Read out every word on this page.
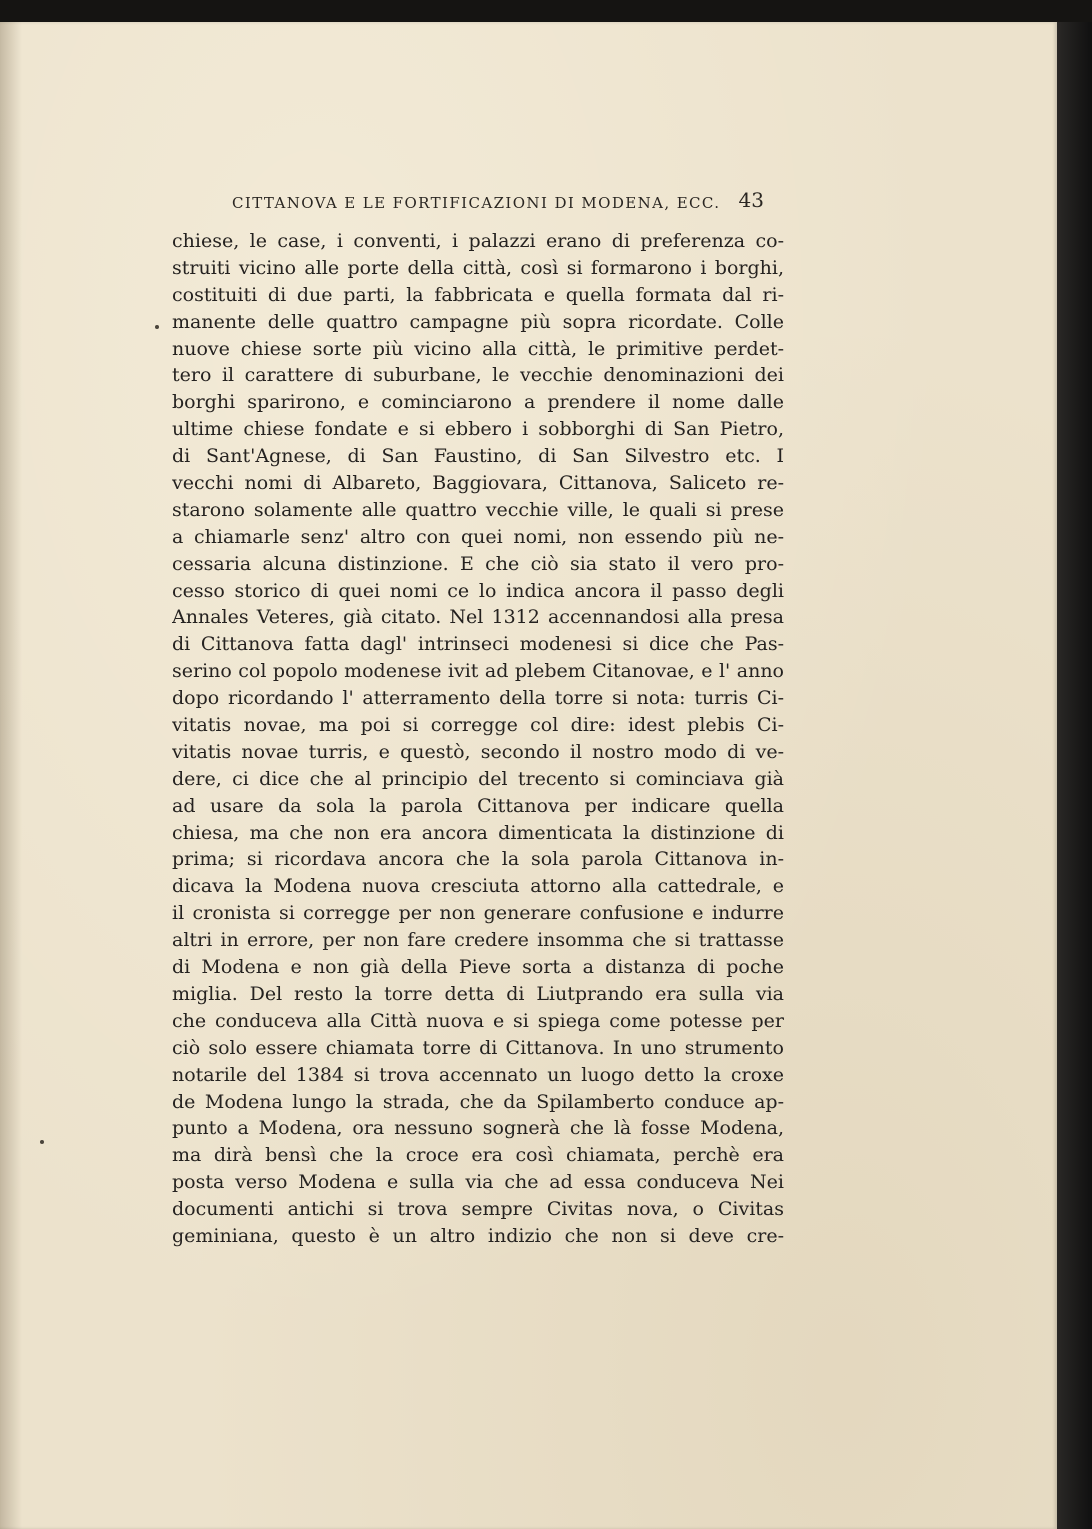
CITTANOVA E LE FORTIFICAZIONI DI MODENA, ECC. 43
chiese, le case, i conventi, i palazzi erano di preferenza co-
struiti vicino alle porte della città, così si formarono i borghi,
costituiti di due parti, la fabbricata e quella formata dal ri-
manente delle quattro campagne più sopra ricordate. Colle
nuove chiese sorte più vicino alla città, le primitive perdet-
tero il carattere di suburbane, le vecchie denominazioni dei
borghi sparirono, e cominciarono a prendere il nome dalle
ultime chiese fondate e si ebbero i sobborghi di San Pietro,
di Sant'Agnese, di San Faustino, di San Silvestro etc. I
vecchi nomi di Albareto, Baggiovara, Cittanova, Saliceto re-
starono solamente alle quattro vecchie ville, le quali si prese
a chiamarle senz' altro con quei nomi, non essendo più ne-
cessaria alcuna distinzione. E che ciò sia stato il vero pro-
cesso storico di quei nomi ce lo indica ancora il passo degli
Annales Veteres, già citato. Nel 1312 accennandosi alla presa
di Cittanova fatta dagl' intrinseci modenesi si dice che Pas-
serino col popolo modenese ivit ad plebem Citanovae, e l' anno
dopo ricordando l' atterramento della torre si nota: turris Ci-
vitatis novae, ma poi si corregge col dire: idest plebis Ci-
vitatis novae turris, e questò, secondo il nostro modo di ve-
dere, ci dice che al principio del trecento si cominciava già
ad usare da sola la parola Cittanova per indicare quella
chiesa, ma che non era ancora dimenticata la distinzione di
prima; si ricordava ancora che la sola parola Cittanova in-
dicava la Modena nuova cresciuta attorno alla cattedrale, e
il cronista si corregge per non generare confusione e indurre
altri in errore, per non fare credere insomma che si trattasse
di Modena e non già della Pieve sorta a distanza di poche
miglia. Del resto la torre detta di Liutprando era sulla via
che conduceva alla Città nuova e si spiega come potesse per
ciò solo essere chiamata torre di Cittanova. In uno strumento
notarile del 1384 si trova accennato un luogo detto la croxe
de Modena lungo la strada, che da Spilamberto conduce ap-
punto a Modena, ora nessuno sognerà che là fosse Modena,
ma dirà bensì che la croce era così chiamata, perchè era
posta verso Modena e sulla via che ad essa conduceva Nei
documenti antichi si trova sempre Civitas nova, o Civitas
geminiana, questo è un altro indizio che non si deve cre-
